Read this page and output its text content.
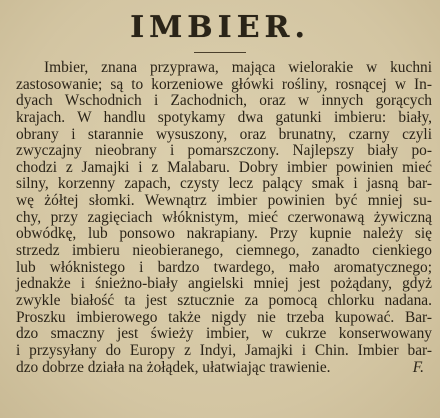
IMBIER.
Imbier, znana przyprawa, mająca wielorakie w kuchni
zastosowanie; są to korzeniowe główki rośliny, rosnącej w In-
dyach Wschodnich i Zachodnich, oraz w innych gorących
krajach. W handlu spotykamy dwa gatunki imbieru: biały,
obrany i starannie wysuszony, oraz brunatny, czarny czyli
zwyczajny nieobrany i pomarszczony. Najlepszy biały po-
chodzi z Jamajki i z Malabaru. Dobry imbier powinien mieć
silny, korzenny zapach, czysty lecz palący smak i jasną bar-
wę żółtej słomki. Wewnątrz imbier powinien być mniej su-
chy, przy zagięciach włóknistym, mieć czerwonawą żywiczną
obwódkę, lub ponsowo nakrapiany. Przy kupnie należy się
strzedz imbieru nieobieranego, ciemnego, zanadto cienkiego
lub włóknistego i bardzo twardego, mało aromatycznego;
jednakże i śnieżno-biały angielski mniej jest pożądany, gdyż
zwykle białość ta jest sztucznie za pomocą chlorku nadana.
Proszku imbierowego także nigdy nie trzeba kupować. Bar-
dzo smaczny jest świeży imbier, w cukrze konserwowany
i przysyłany do Europy z Indyi, Jamajki i Chin. Imbier bar-
dzo dobrze działa na żołądek, ułatwiając trawienie.	F.
